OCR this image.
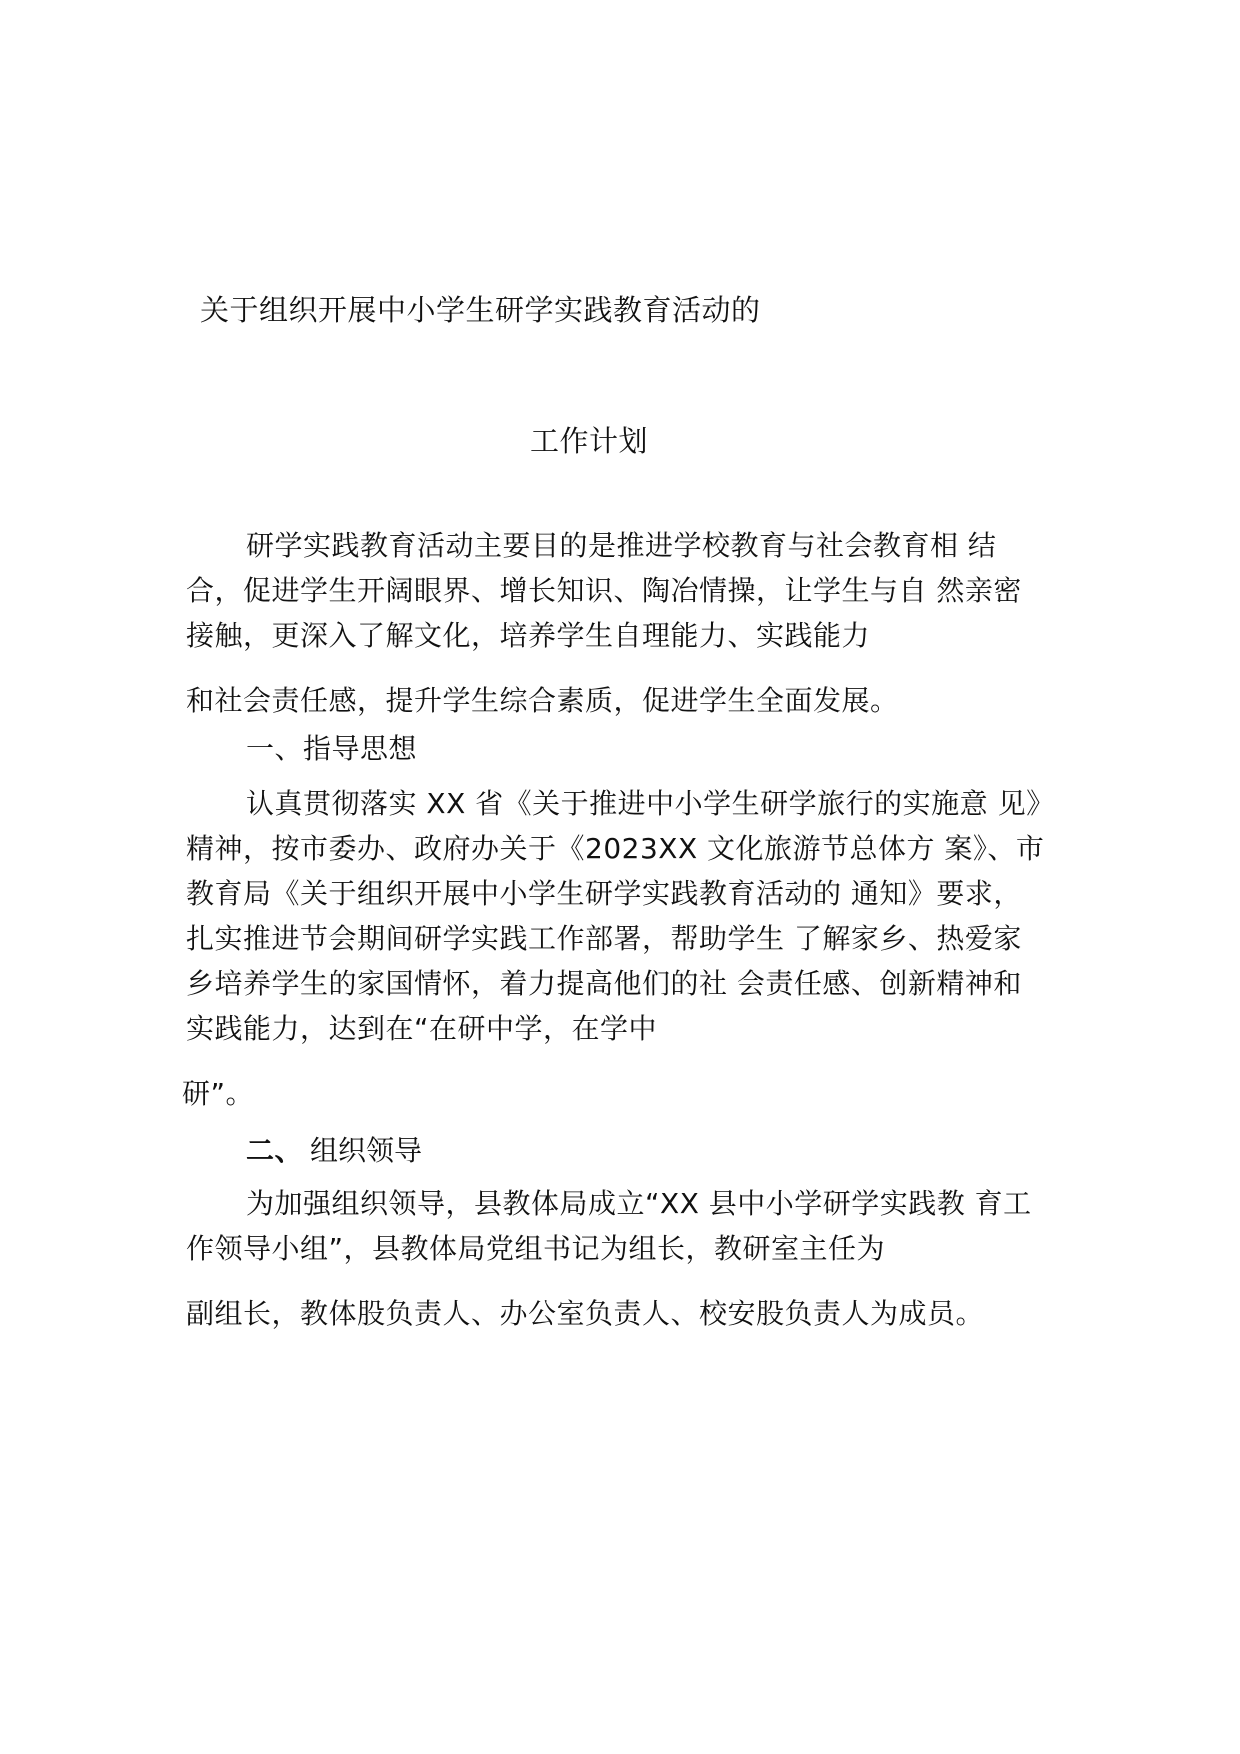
关于组织开展中小学生研学实践教育活动的
工作计划
研学实践教育活动主要目的是推进学校教育与社会教育相 结
合，促进学生开阔眼界、增长知识、陶冶情操，让学生与自 然亲密
接触，更深入了解文化，培养学生自理能力、实践能力
和社会责任感，提升学生综合素质，促进学生全面发展。
一、指导思想
认真贯彻落实 XX 省《关于推进中小学生研学旅行的实施意 见》
精神，按市委办、政府办关于《2023XX 文化旅游节总体方 案》、市
教育局《关于组织开展中小学生研学实践教育活动的 通知》要求，
扎实推进节会期间研学实践工作部署，帮助学生 了解家乡、热爱家
乡培养学生的家国情怀，着力提高他们的社 会责任感、创新精神和
实践能力，达到在“在研中学，在学中
研”。
二、 组织领导
为加强组织领导，县教体局成立“XX 县中小学研学实践教 育工
作领导小组”，县教体局党组书记为组长，教研室主任为
副组长，教体股负责人、办公室负责人、校安股负责人为成员。
